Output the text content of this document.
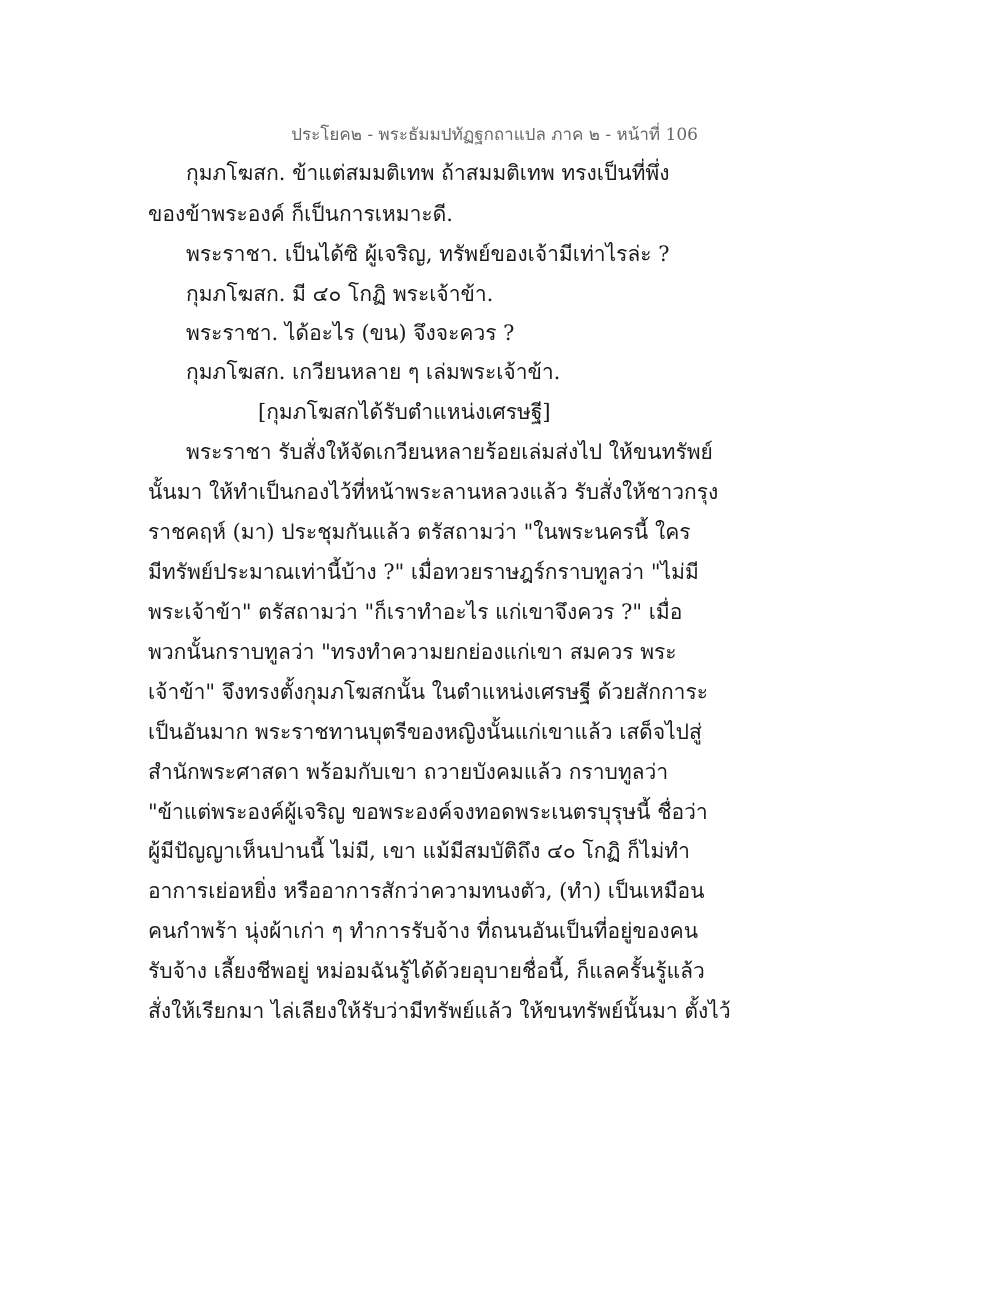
ประโยค๒ - พระธัมมปทัฏฐกถาแปล ภาค ๒ - หน้าที่ 106
กุมภโฆสก. ข้าแต่สมมติเทพ ถ้าสมมติเทพ ทรงเป็นที่พึ่ง
ของข้าพระองค์ ก็เป็นการเหมาะดี.
พระราชา. เป็นได้ซิ ผู้เจริญ, ทรัพย์ของเจ้ามีเท่าไรล่ะ ?
กุมภโฆสก. มี ๔๐ โกฏิ พระเจ้าข้า.
พระราชา. ได้อะไร (ขน) จึงจะควร ?
กุมภโฆสก. เกวียนหลาย ๆ เล่มพระเจ้าข้า.
[กุมภโฆสกได้รับตำแหน่งเศรษฐี]
พระราชา รับสั่งให้จัดเกวียนหลายร้อยเล่มส่งไป ให้ขนทรัพย์
นั้นมา ให้ทำเป็นกองไว้ที่หน้าพระลานหลวงแล้ว รับสั่งให้ชาวกรุง
ราชคฤห์ (มา) ประชุมกันแล้ว ตรัสถามว่า "ในพระนครนี้ ใคร
มีทรัพย์ประมาณเท่านี้บ้าง ?" เมื่อทวยราษฎร์กราบทูลว่า "ไม่มี
พระเจ้าข้า" ตรัสถามว่า "ก็เราทำอะไร แก่เขาจึงควร ?" เมื่อ
พวกนั้นกราบทูลว่า "ทรงทำความยกย่องแก่เขา สมควร พระ
เจ้าข้า" จึงทรงตั้งกุมภโฆสกนั้น ในตำแหน่งเศรษฐี ด้วยสักการะ
เป็นอันมาก พระราชทานบุตรีของหญิงนั้นแก่เขาแล้ว เสด็จไปสู่
สำนักพระศาสดา พร้อมกับเขา ถวายบังคมแล้ว กราบทูลว่า
"ข้าแต่พระองค์ผู้เจริญ ขอพระองค์จงทอดพระเนตรบุรุษนี้ ชื่อว่า
ผู้มีปัญญาเห็นปานนี้ ไม่มี, เขา แม้มีสมบัติถึง ๔๐ โกฏิ ก็ไม่ทำ
อาการเย่อหยิ่ง หรืออาการสักว่าความทนงตัว, (ทำ) เป็นเหมือน
คนกำพร้า นุ่งผ้าเก่า ๆ ทำการรับจ้าง ที่ถนนอันเป็นที่อยู่ของคน
รับจ้าง เลี้ยงชีพอยู่ หม่อมฉันรู้ได้ด้วยอุบายชื่อนี้, ก็แลครั้นรู้แล้ว
สั่งให้เรียกมา ไล่เลียงให้รับว่ามีทรัพย์แล้ว ให้ขนทรัพย์นั้นมา ตั้งไว้
